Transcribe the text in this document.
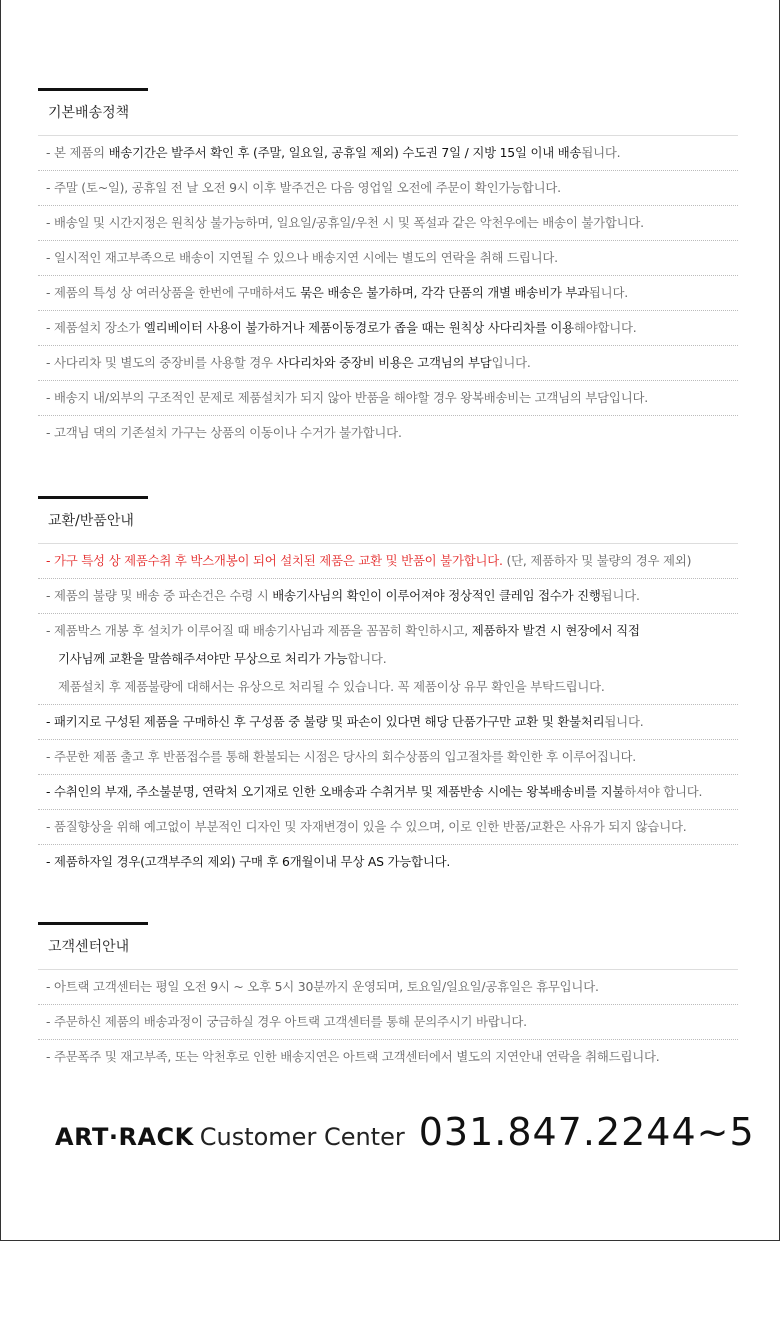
기본배송정책
- 본 제품의 배송기간은 발주서 확인 후 (주말, 일요일, 공휴일 제외) 수도권 7일 / 지방 15일 이내 배송됩니다.
- 주말 (토~일), 공휴일 전 날 오전 9시 이후 발주건은 다음 영업일 오전에 주문이 확인가능합니다.
- 배송일 및 시간지정은 원칙상 불가능하며, 일요일/공휴일/우천 시 및 폭설과 같은 악천우에는 배송이 불가합니다.
- 일시적인 재고부족으로 배송이 지연될 수 있으나 배송지연 시에는 별도의 연락을 취해 드립니다.
- 제품의 특성 상 여러상품을 한번에 구매하셔도 묶은 배송은 불가하며, 각각 단품의 개별 배송비가 부과됩니다.
- 제품설치 장소가 엘리베이터 사용이 불가하거나 제품이동경로가 좁을 때는 원칙상 사다리차를 이용해야합니다.
- 사다리차 및 별도의 중장비를 사용할 경우 사다리차와 중장비 비용은 고객님의 부담입니다.
- 배송지 내/외부의 구조적인 문제로 제품설치가 되지 않아 반품을 해야할 경우 왕복배송비는 고객님의 부담입니다.
- 고객님 댁의 기존설치 가구는 상품의 이동이나 수거가 불가합니다.
교환/반품안내
- 가구 특성 상 제품수취 후 박스개봉이 되어 설치된 제품은 교환 및 반품이 불가합니다. (단, 제품하자 및 불량의 경우 제외)
- 제품의 불량 및 배송 중 파손건은 수령 시 배송기사님의 확인이 이루어져야 정상적인 클레임 접수가 진행됩니다.
- 제품박스 개봉 후 설치가 이루어질 때 배송기사님과 제품을 꼼꼼히 확인하시고, 제품하자 발견 시 현장에서 직접
기사님께 교환을 말씀해주셔야만 무상으로 처리가 가능합니다.
제품설치 후 제품불량에 대해서는 유상으로 처리될 수 있습니다. 꼭 제품이상 유무 확인을 부탁드립니다.
- 패키지로 구성된 제품을 구매하신 후 구성품 중 불량 및 파손이 있다면 해당 단품가구만 교환 및 환불처리됩니다.
- 주문한 제품 출고 후 반품접수를 통해 환불되는 시점은 당사의 회수상품의 입고절차를 확인한 후 이루어집니다.
- 수취인의 부재, 주소불분명, 연락처 오기재로 인한 오배송과 수취거부 및 제품반송 시에는 왕복배송비를 지불하셔야 합니다.
- 품질향상을 위해 예고없이 부분적인 디자인 및 자재변경이 있을 수 있으며, 이로 인한 반품/교환은 사유가 되지 않습니다.
- 제품하자일 경우(고객부주의 제외) 구매 후 6개월이내 무상 AS 가능합니다.
고객센터안내
- 아트랙 고객센터는 평일 오전 9시 ~ 오후 5시 30분까지 운영되며, 토요일/일요일/공휴일은 휴무입니다.
- 주문하신 제품의 배송과정이 궁금하실 경우 아트랙 고객센터를 통해 문의주시기 바랍니다.
- 주문폭주 및 재고부족, 또는 악천후로 인한 배송지연은 아트랙 고객센터에서 별도의 지연안내 연락을 취해드립니다.
ART·RACK Customer Center 031.847.2244~5
